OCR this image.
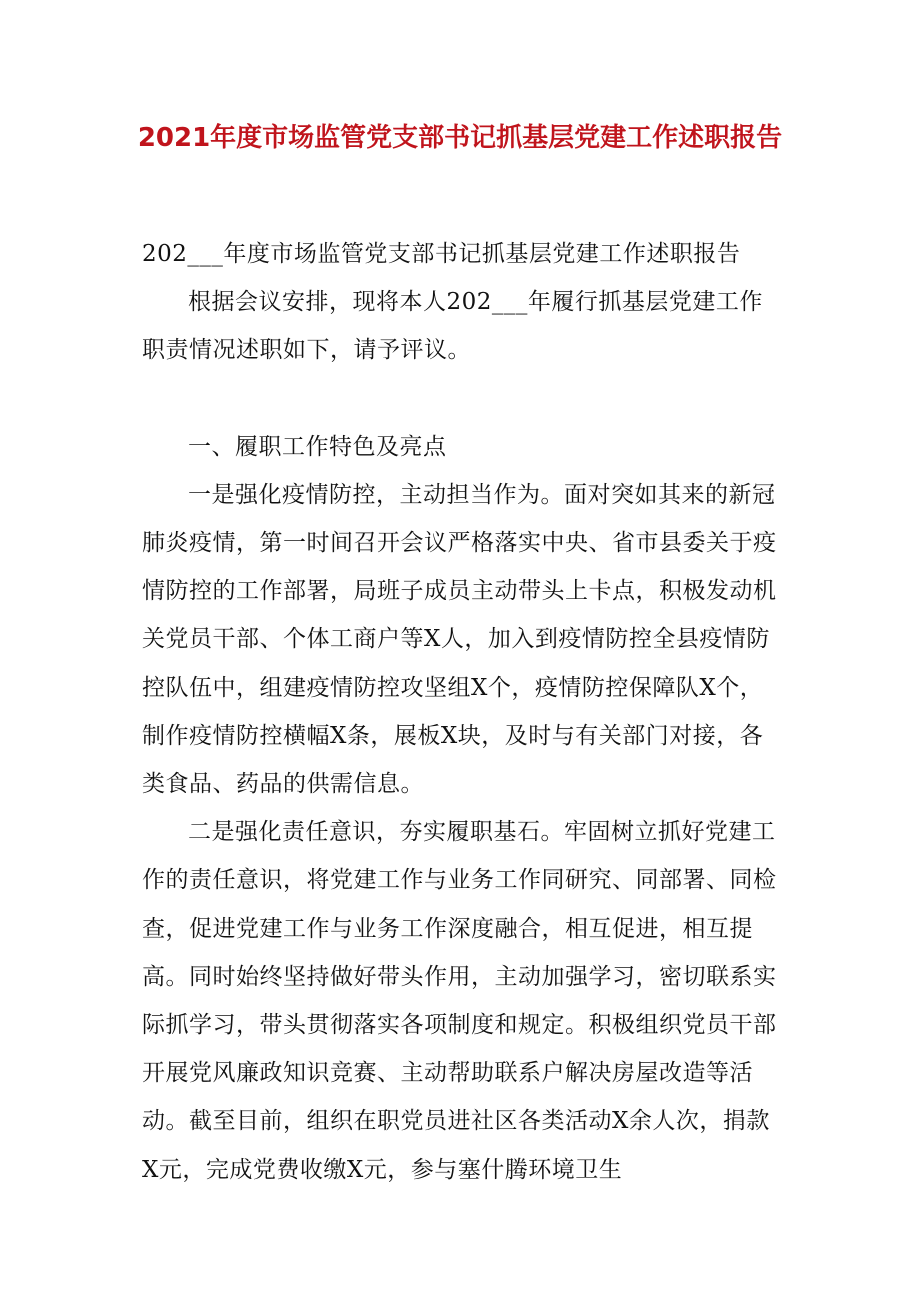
2021年度市场监管党支部书记抓基层党建工作述职报告

202___年度市场监管党支部书记抓基层党建工作述职报告

根据会议安排，现将本人202___年履行抓基层党建工作职责情况述职如下，请予评议。

一、履职工作特色及亮点

一是强化疫情防控，主动担当作为。面对突如其来的新冠肺炎疫情，第一时间召开会议严格落实中央、省市县委关于疫情防控的工作部署，局班子成员主动带头上卡点，积极发动机关党员干部、个体工商户等X人，加入到疫情防控全县疫情防控队伍中，组建疫情防控攻坚组X个，疫情防控保障队X个，制作疫情防控横幅X条，展板X块，及时与有关部门对接，各类食品、药品的供需信息。

二是强化责任意识，夯实履职基石。牢固树立抓好党建工作的责任意识，将党建工作与业务工作同研究、同部署、同检查，促进党建工作与业务工作深度融合，相互促进，相互提高。同时始终坚持做好带头作用，主动加强学习，密切联系实际抓学习，带头贯彻落实各项制度和规定。积极组织党员干部开展党风廉政知识竞赛、主动帮助联系户解决房屋改造等活动。截至目前，组织在职党员进社区各类活动X余人次，捐款X元，完成党费收缴X元，参与塞什腾环境卫生
